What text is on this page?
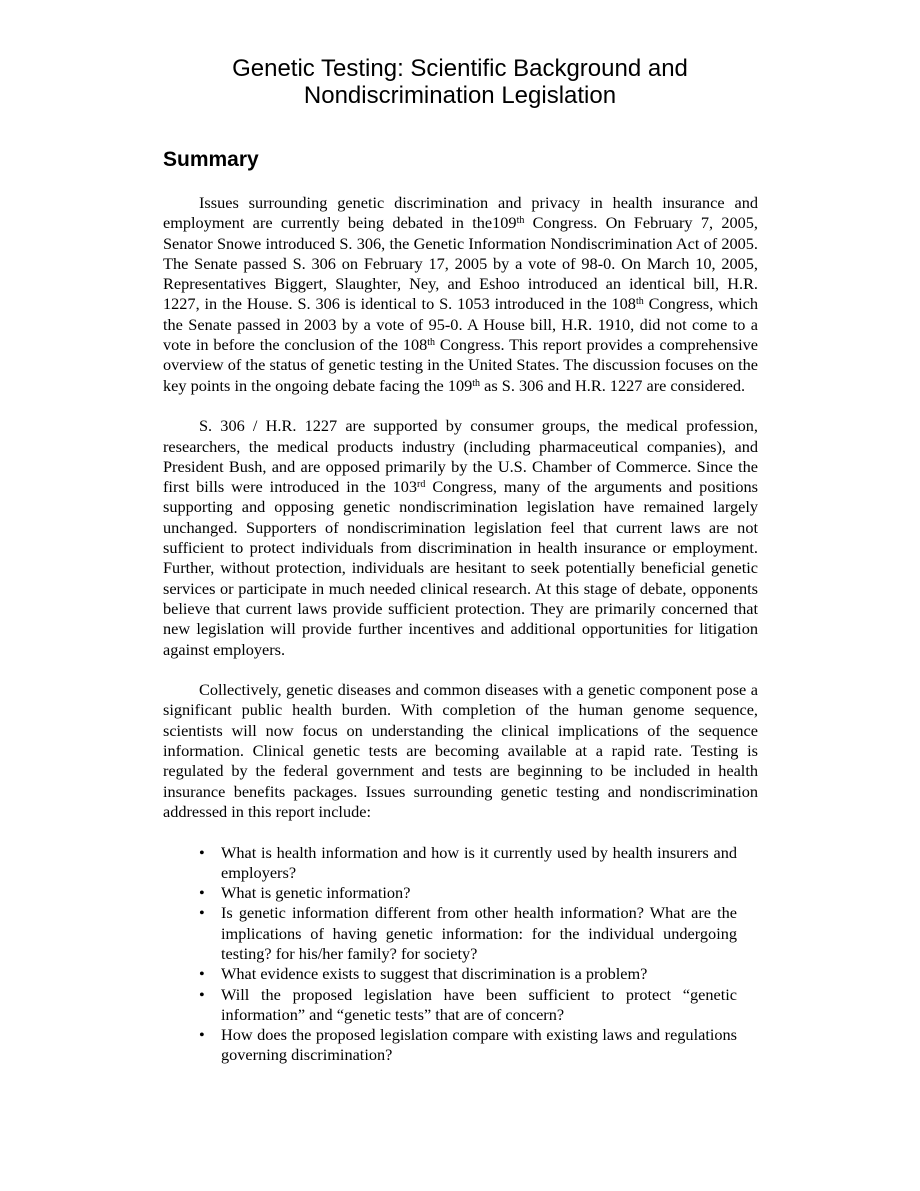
Genetic Testing: Scientific Background and
Nondiscrimination Legislation
Summary

Issues surrounding genetic discrimination and privacy in health insurance and employment are currently being debated in the109th Congress. On February 7, 2005, Senator Snowe introduced S. 306, the Genetic Information Nondiscrimination Act of 2005. The Senate passed S. 306 on February 17, 2005 by a vote of 98-0. On March 10, 2005, Representatives Biggert, Slaughter, Ney, and Eshoo introduced an identical bill, H.R. 1227, in the House. S. 306 is identical to S. 1053 introduced in the 108th Congress, which the Senate passed in 2003 by a vote of 95-0. A House bill, H.R. 1910, did not come to a vote in before the conclusion of the 108th Congress. This report provides a comprehensive overview of the status of genetic testing in the United States. The discussion focuses on the key points in the ongoing debate facing the 109th as S. 306 and H.R. 1227 are considered.

S. 306 / H.R. 1227 are supported by consumer groups, the medical profession, researchers, the medical products industry (including pharmaceutical companies), and President Bush, and are opposed primarily by the U.S. Chamber of Commerce. Since the first bills were introduced in the 103rd Congress, many of the arguments and positions supporting and opposing genetic nondiscrimination legislation have remained largely unchanged. Supporters of nondiscrimination legislation feel that current laws are not sufficient to protect individuals from discrimination in health insurance or employment. Further, without protection, individuals are hesitant to seek potentially beneficial genetic services or participate in much needed clinical research. At this stage of debate, opponents believe that current laws provide sufficient protection. They are primarily concerned that new legislation will provide further incentives and additional opportunities for litigation against employers.

Collectively, genetic diseases and common diseases with a genetic component pose a significant public health burden. With completion of the human genome sequence, scientists will now focus on understanding the clinical implications of the sequence information. Clinical genetic tests are becoming available at a rapid rate. Testing is regulated by the federal government and tests are beginning to be included in health insurance benefits packages. Issues surrounding genetic testing and nondiscrimination addressed in this report include:

• What is health information and how is it currently used by health insurers and employers?
• What is genetic information?
• Is genetic information different from other health information? What are the implications of having genetic information: for the individual undergoing testing? for his/her family? for society?
• What evidence exists to suggest that discrimination is a problem?
• Will the proposed legislation have been sufficient to protect “genetic information” and “genetic tests” that are of concern?
• How does the proposed legislation compare with existing laws and regulations governing discrimination?
